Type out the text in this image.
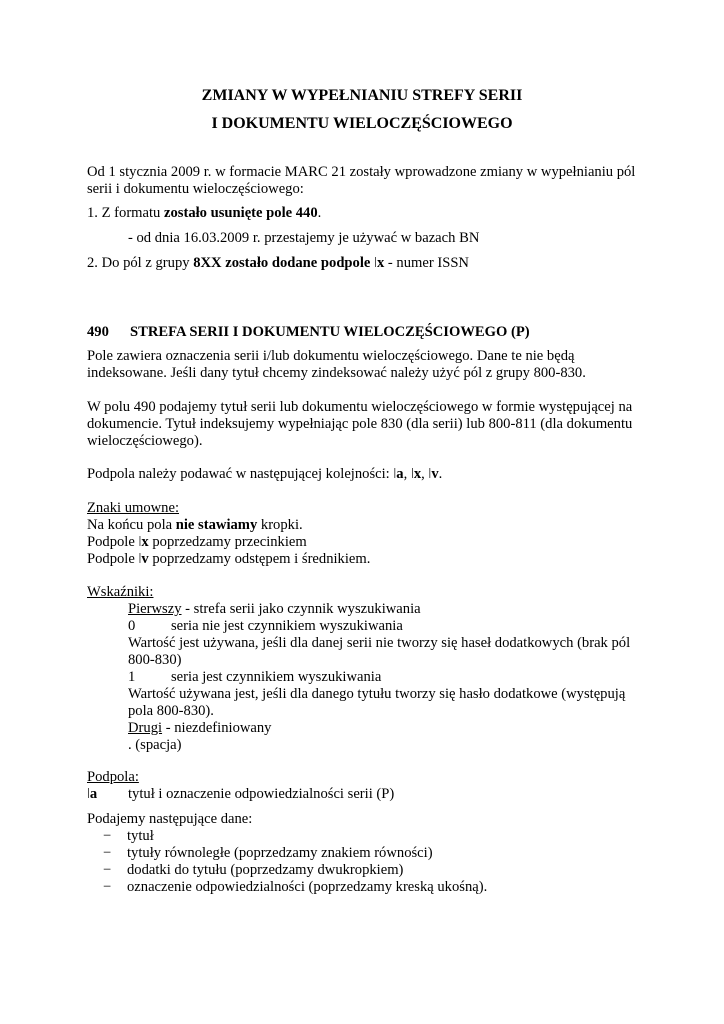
ZMIANY W WYPEŁNIANIU STREFY SERII
I DOKUMENTU WIELOCZĘŚCIOWEGO
Od 1 stycznia 2009 r. w formacie MARC 21 zostały wprowadzone zmiany w wypełnianiu pól
serii i dokumentu wieloczęściowego:
1. Z formatu zostało usunięte pole 440.
- od dnia 16.03.2009 r. przestajemy je używać w bazach BN
2. Do pól z grupy 8XX zostało dodane podpole ǀx - numer ISSN
490 STREFA SERII I DOKUMENTU WIELOCZĘŚCIOWEGO (P)
Pole zawiera oznaczenia serii i/lub dokumentu wieloczęściowego. Dane te nie będą
indeksowane. Jeśli dany tytuł chcemy zindeksować należy użyć pól z grupy 800-830.
W polu 490 podajemy tytuł serii lub dokumentu wieloczęściowego w formie występującej na
dokumencie. Tytuł indeksujemy wypełniając pole 830 (dla serii) lub 800-811 (dla dokumentu
wieloczęściowego).
Podpola należy podawać w następującej kolejności: ǀa, ǀx, ǀv.
Znaki umowne:
Na końcu pola nie stawiamy kropki.
Podpole ǀx poprzedzamy przecinkiem
Podpole ǀv poprzedzamy odstępem i średnikiem.
Wskaźniki:
Pierwszy - strefa serii jako czynnik wyszukiwania
0 seria nie jest czynnikiem wyszukiwania
Wartość jest używana, jeśli dla danej serii nie tworzy się haseł dodatkowych (brak pól
800-830)
1 seria jest czynnikiem wyszukiwania
Wartość używana jest, jeśli dla danego tytułu tworzy się hasło dodatkowe (występują
pola 800-830).
Drugi - niezdefiniowany
. (spacja)
Podpola:
ǀa tytuł i oznaczenie odpowiedzialności serii (P)
Podajemy następujące dane:
− tytuł
− tytuły równoległe (poprzedzamy znakiem równości)
− dodatki do tytułu (poprzedzamy dwukropkiem)
− oznaczenie odpowiedzialności (poprzedzamy kreską ukośną).
